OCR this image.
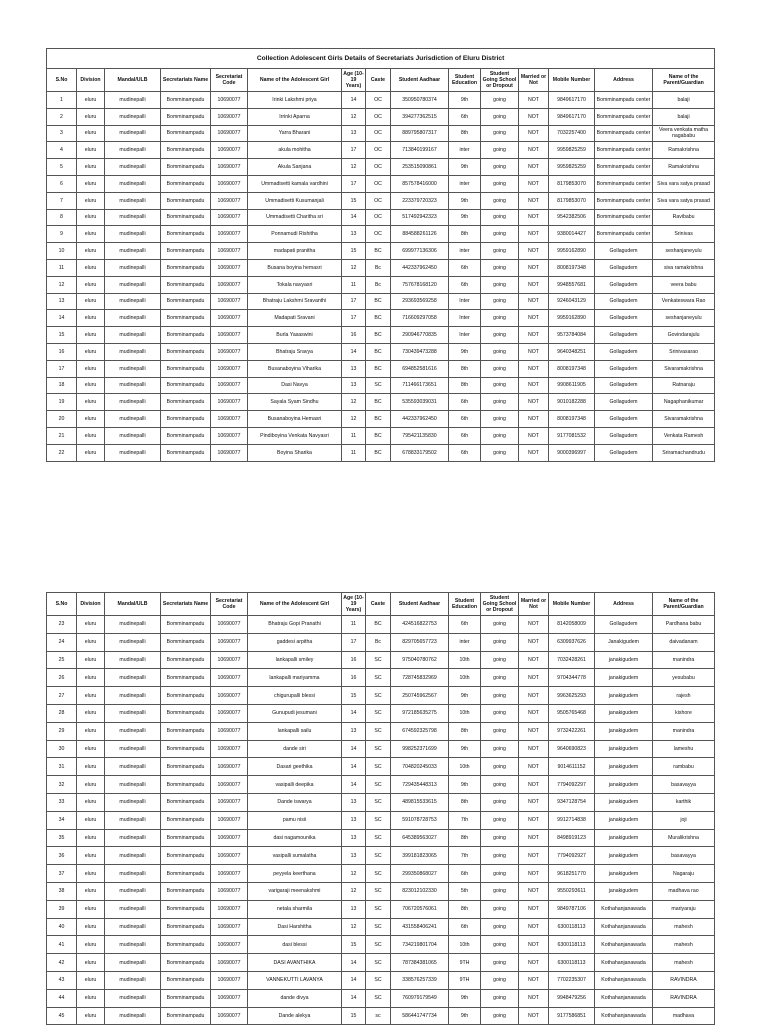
Collection Adolescent Girls Details of Secretariats Jurisdiction of Eluru District														
S.No	Division	Mandal/ULB	Secretariats Name	Secretariat Code	Name of the Adolescent Girl	Age (10-19 Years)	Caste	Student Aadhaar	Student Education	Student Going School or Dropout	Married or Not	Mobile Number	Address	Name of the Parent/Guardian
1	eluru	mudinepalli	Bomminampadu	10690077	Irinki Lakshmi priya	14	OC	350950780374	9th	going	NOT	9849617170	Bomminampadu center	balaji
2	eluru	mudinepalli	Bomminampadu	10690077	Irrinki Aparna	12	OC	394277362515	6th	going	NOT	9849617170	Bomminampadu center	balaji
3	eluru	mudinepalli	Bomminampadu	10690077	Yarra Bharani	13	OC	889795807317	8th	going	NOT	7032257400	Bomminampadu center	Veera venkata matha nagababu
4	eluru	mudinepalli	Bomminampadu	10690077	akula mohitha	17	OC	713840199167	inter	going	NOT	9959825259	Bomminampadu center	Ramakrishna
5	eluru	mudinepalli	Bomminampadu	10690077	Akula Sanjana	12	OC	253515090861	9th	going	NOT	9959825259	Bomminampadu center	Ramakrishna
6	eluru	mudinepalli	Bomminampadu	10690077	Ummadisetti kamala vardhini	17	OC	857578416000	inter	going	NOT	8179853070	Bomminampadu center	Siva vara satya prasad
7	eluru	mudinepalli	Bomminampadu	10690077	Ummadisetti Kusumanjali	15	OC	223379720323	9th	going	NOT	8179853070	Bomminampadu center	Siva vara satya prasad
8	eluru	mudinepalli	Bomminampadu	10690077	Ummadisetti Charitha sri	14	OC	517492942323	9th	going	NOT	9542382506	Bomminampadu center	Ravibabu
9	eluru	mudinepalli	Bomminampadu	10690077	Ponnamudi Rishitha	13	OC	884588261126	8th	going	NOT	9380014427	Bomminampadu center	Srinivas
10	eluru	mudinepalli	Bomminampadu	10690077	madapati pranitha	15	BC	699977136306	inter	going	NOT	9959162890	Gollagudem	seshanjaneyulu
11	eluru	mudinepalli	Bomminampadu	10690077	Busana boyina hemasri	12	Bc	442337962450	6th	going	NOT	8008197348	Gollagudem	siva ramakrishna
12	eluru	mudinepalli	Bomminampadu	10690077	Tokala navyasri	11	Bc	757678168120	6th	going	NOT	9948557681	Gollagudem	veera babu
13	eluru	mudinepalli	Bomminampadu	10690077	Bhatraju Lakshmi Sravanthi	17	BC	293693569258	Inter	going	NOT	9246043129	Gollagudem	Venkateswara Rao
14	eluru	mudinepalli	Bomminampadu	10690077	Madapati Sravani	17	BC	716609297058	Inter	going	NOT	9959162890	Gollagudem	seshanjaneyulu
15	eluru	mudinepalli	Bomminampadu	10690077	Burla Yasaswini	16	BC	290946770835	Inter	going	NOT	9573784084	Gollagudem	Govindarajulu
16	eluru	mudinepalli	Bomminampadu	10690077	Bhatraju Sravya	14	BC	730439473288	9th	going	NOT	9640348251	Gollagudem	Srinivasarao
17	eluru	mudinepalli	Bomminampadu	10690077	Busanaboyina Viharika	13	BC	694852581616	8th	going	NOT	8008197348	Gollagudem	Sivaramakrishna
18	eluru	mudinepalli	Bomminampadu	10690077	Dasi Navya	13	SC	711466173651	8th	going	NOT	9908611905	Gollagudem	Ratnaraju
19	eluru	mudinepalli	Bomminampadu	10690077	Sayala Syam Sindhu	12	BC	535593039031	6th	going	NOT	9010182288	Gollagudem	Nagaphanikumar
20	eluru	mudinepalli	Bomminampadu	10690077	Busanaboyina Hemasri	12	BC	442337962450	6th	going	NOT	8008197348	Gollagudem	Sivaramakrishna
21	eluru	mudinepalli	Bomminampadu	10690077	Pindiboyina Venkata Navyasri	11	BC	795421135830	6th	going	NOT	9177081532	Gollagudem	Venkata Ramesh
22	eluru	mudinepalli	Bomminampadu	10690077	Boyina Sharika	11	BC	678833179502	6th	going	NOT	9000396997	Gollagudem	Sriramachandrudu
S.No	Division	Mandal/ULB	Secretariats Name	Secretariat Code	Name of the Adolescent Girl	Age (10-19 Years)	Caste	Student Aadhaar	Student Education	Student Going School or Dropout	Married or Not	Mobile Number	Address	Name of the Parent/Guardian
23	eluru	mudinepalli	Bomminampadu	10690077	Bhatraju Gopi Pranathi	11	BC	424516822753	6th	going	NOT	8142058009	Gollagudem	Pardhana babu
24	eluru	mudinepalli	Bomminampadu	10690077	gaddesi arpitha	17	Bc	829705657723	inter	going	NOT	6309937626	Janakigudem	daivadanam
25	eluru	mudinepalli	Bomminampadu	10690077	lankapalli smiley	16	SC	975040780762	10th	going	NOT	7032428261	janakigudem	manindra
26	eluru	mudinepalli	Bomminampadu	10690077	lankapalli mariyamma	16	SC	728745832969	10th	going	NOT	9704344778	janakigudem	yesubabu
27	eluru	mudinepalli	Bomminampadu	10690077	chigurupalli blessi	15	SC	250745962567	9th	going	NOT	9963625293	janakigudem	rajesh
28	eluru	mudinepalli	Bomminampadu	10690077	Gunupudi jesumani	14	SC	972185635275	10th	going	NOT	9505765468	janakigudem	kishore
29	eluru	mudinepalli	Bomminampadu	10690077	lankapalli sailu	13	SC	674592325798	8th	going	NOT	9732422261	janakigudem	manindra
30	eluru	mudinepalli	Bomminampadu	10690077	dande siri	14	SC	998252371699	9th	going	NOT	9640690823	janakigudem	lameshu
31	eluru	mudinepalli	Bomminampadu	10690077	Dasari geethika	14	SC	704820245033	10th	going	NOT	9014611152	janakigudem	rambabu
32	eluru	mudinepalli	Bomminampadu	10690077	vasipalli deepika	14	SC	729435448313	9th	going	NOT	7794092297	janakigudem	basavayya
33	eluru	mudinepalli	Bomminampadu	10690077	Dande iswarya	13	SC	489815533615	8th	going	NOT	9347128754	janakigudem	karthik
34	eluru	mudinepalli	Bomminampadu	10690077	pamu nisii	13	SC	591078728753	7th	going	NOT	9912714838	janakigudem	joji
35	eluru	mudinepalli	Bomminampadu	10690077	dasi nagamounika	13	SC	645389563027	8th	going	NOT	8498919123	janakigudem	Muralikrishna
36	eluru	mudinepalli	Bomminampadu	10690077	vasipalli sumalatha	13	SC	399181823065	7th	going	NOT	7794092927	janakigudem	basavayya
37	eluru	mudinepalli	Bomminampadu	10690077	peyyela keerthana	12	SC	299350868027	6th	going	NOT	9618251770	janakigudem	Nagaraju
38	eluru	mudinepalli	Bomminampadu	10690077	varigaraji meenakshmi	12	SC	823012102330	5th	going	NOT	9550293611	janakigudem	madhava rao
39	eluru	mudinepalli	Bomminampadu	10690077	netala sharmila	13	SC	706720576061	8th	going	NOT	9849787106	Kothahanjanawada	mariyaraju
40	eluru	mudinepalli	Bomminampadu	10690077	Dasi Harshitha	12	SC	431558406241	6th	going	NOT	6300118113	Kothahanjanawada	mahesh
41	eluru	mudinepalli	Bomminampadu	10690077	dasi blessi	15	SC	734219801704	10th	going	NOT	6300118113	Kothahanjanawada	mahesh
42	eluru	mudinepalli	Bomminampadu	10690077	DASI AVANTHIKA	14	SC	787384381065	9TH	going	NOT	6300118113	Kothahanjanawada	mahesh
43	eluru	mudinepalli	Bomminampadu	10690077	VANNEKUTTI LAVANYA	14	SC	338576257339	9TH	going	NOT	7702235307	Kothahanjanawada	RAVINDRA
44	eluru	mudinepalli	Bomminampadu	10690077	dande divya	14	SC	760979179549	9th	going	NOT	9948479256	Kothahanjanawada	RAVINDRA
45	eluru	mudinepalli	Bomminampadu	10690077	Dande alekya	15	sc	586441747734	9th	going	NOT	9177586851	Kothahanjanawada	madhava
